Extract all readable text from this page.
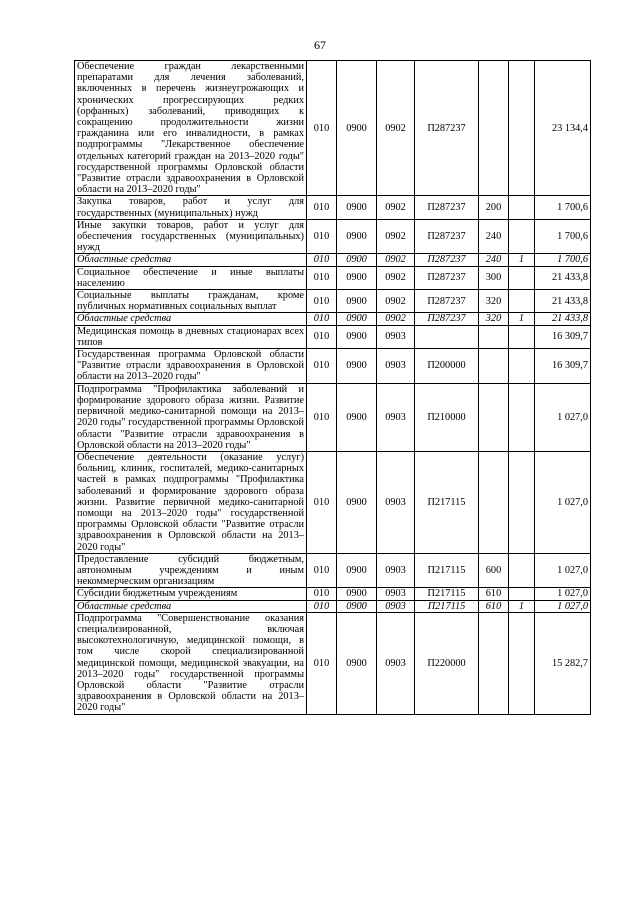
67
Обеспечение граждан лекарственными препаратами для лечения заболеваний, включенных в перечень жизнеугрожающих и хронических прогрессирующих редких (орфанных) заболеваний, приводящих к сокращению продолжительности жизни гражданина или его инвалидности, в рамках подпрограммы "Лекарственное обеспечение отдельных категорий граждан на 2013–2020 годы" государственной программы Орловской области "Развитие отрасли здравоохранения в Орловской области на 2013–2020 годы"	010	0900	0902	П287237			23 134,4
Закупка товаров, работ и услуг для государственных (муниципальных) нужд	010	0900	0902	П287237	200		1 700,6
Иные закупки товаров, работ и услуг для обеспечения государственных (муниципальных) нужд	010	0900	0902	П287237	240		1 700,6
Областные средства	010	0900	0902	П287237	240	1	1 700,6
Социальное обеспечение и иные выплаты населению	010	0900	0902	П287237	300		21 433,8
Социальные выплаты гражданам, кроме публичных нормативных социальных выплат	010	0900	0902	П287237	320		21 433,8
Областные средства	010	0900	0902	П287237	320	1	21 433,8
Медицинская помощь в дневных стационарах всех типов	010	0900	0903				16 309,7
Государственная программа Орловской области "Развитие отрасли здравоохранения в Орловской области на 2013–2020 годы"	010	0900	0903	П200000			16 309,7
Подпрограмма "Профилактика заболеваний и формирование здорового образа жизни. Развитие первичной медико-санитарной помощи на 2013–2020 годы" государственной программы Орловской области "Развитие отрасли здравоохранения в Орловской области на 2013–2020 годы"	010	0900	0903	П210000			1 027,0
Обеспечение деятельности (оказание услуг) больниц, клиник, госпиталей, медико-санитарных частей в рамках подпрограммы "Профилактика заболеваний и формирование здорового образа жизни. Развитие первичной медико-санитарной помощи на 2013–2020 годы" государственной программы Орловской области "Развитие отрасли здравоохранения в Орловской области на 2013–2020 годы"	010	0900	0903	П217115			1 027,0
Предоставление субсидий бюджетным, автономным учреждениям и иным некоммерческим организациям	010	0900	0903	П217115	600		1 027,0
Субсидии бюджетным учреждениям	010	0900	0903	П217115	610		1 027,0
Областные средства	010	0900	0903	П217115	610	1	1 027,0
Подпрограмма "Совершенствование оказания специализированной, включая высокотехнологичную, медицинской помощи, в том числе скорой специализированной медицинской помощи, медицинской эвакуации, на 2013–2020 годы" государственной программы Орловской области "Развитие отрасли здравоохранения в Орловской области на 2013–2020 годы"	010	0900	0903	П220000			15 282,7
